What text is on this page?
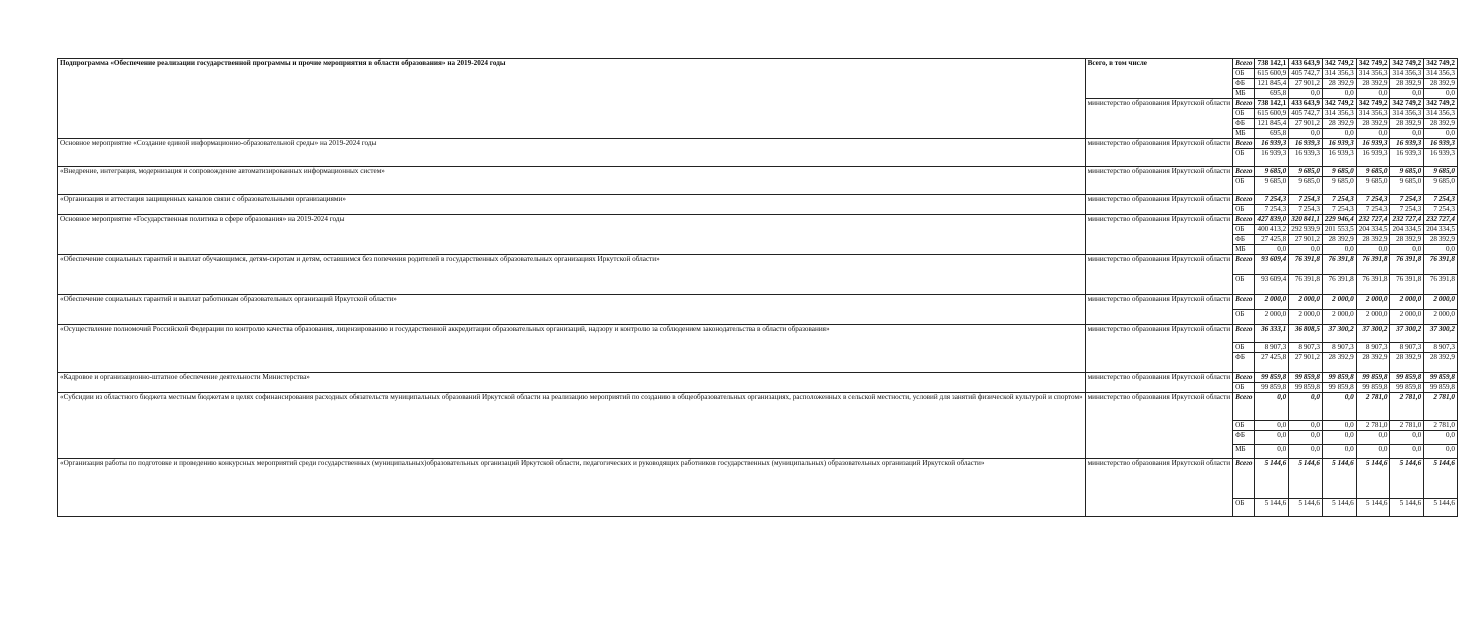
Подпрограмма «Обеспечение реализации государственной программы и прочие мероприятия в области образования» на 2019-2024 годы	Всего, в том числе	Всего	738 142,1	433 643,9	342 749,2	342 749,2	342 749,2	342 749,2
		ОБ	615 600,9	405 742,7	314 356,3	314 356,3	314 356,3	314 356,3
		ФБ	121 845,4	27 901,2	28 392,9	28 392,9	28 392,9	28 392,9
		МБ	695,8	0,0	0,0	0,0	0,0	0,0
	министерство образования Иркутской области	Всего	738 142,1	433 643,9	342 749,2	342 749,2	342 749,2	342 749,2
		ОБ	615 600,9	405 742,7	314 356,3	314 356,3	314 356,3	314 356,3
		ФБ	121 845,4	27 901,2	28 392,9	28 392,9	28 392,9	28 392,9
		МБ	695,8	0,0	0,0	0,0	0,0	0,0
Основное мероприятие «Создание единой информационно-образовательной среды» на 2019-2024 годы	министерство образования Иркутской области	Всего	16 939,3	16 939,3	16 939,3	16 939,3	16 939,3	16 939,3
		ОБ	16 939,3	16 939,3	16 939,3	16 939,3	16 939,3	16 939,3
«Внедрение, интеграция, модернизация и сопровождение автоматизированных информационных систем»	министерство образования Иркутской области	Всего	9 685,0	9 685,0	9 685,0	9 685,0	9 685,0	9 685,0
		ОБ	9 685,0	9 685,0	9 685,0	9 685,0	9 685,0	9 685,0
«Организация и аттестация защищенных каналов связи с образовательными организациями»	министерство образования Иркутской области	Всего	7 254,3	7 254,3	7 254,3	7 254,3	7 254,3	7 254,3
		ОБ	7 254,3	7 254,3	7 254,3	7 254,3	7 254,3	7 254,3
Основное мероприятие «Государственная политика в сфере образования» на 2019-2024 годы	министерство образования Иркутской области	Всего	427 839,0	320 841,1	229 946,4	232 727,4	232 727,4	232 727,4
		ОБ	400 413,2	292 939,9	201 553,5	204 334,5	204 334,5	204 334,5
		ФБ	27 425,8	27 901,2	28 392,9	28 392,9	28 392,9	28 392,9
		МБ	0,0	0,0	0,0	0,0	0,0	0,0
«Обеспечение социальных гарантий и выплат обучающимся, детям-сиротам и детям, оставшимся без попечения родителей в государственных образовательных организациях Иркутской области»	министерство образования Иркутской области	Всего	93 609,4	76 391,8	76 391,8	76 391,8	76 391,8	76 391,8
		ОБ	93 609,4	76 391,8	76 391,8	76 391,8	76 391,8	76 391,8
«Обеспечение социальных гарантий и выплат работникам образовательных организаций Иркутской области»	министерство образования Иркутской области	Всего	2 000,0	2 000,0	2 000,0	2 000,0	2 000,0	2 000,0
		ОБ	2 000,0	2 000,0	2 000,0	2 000,0	2 000,0	2 000,0
«Осуществление полномочий Российской Федерации по контролю качества образования, лицензированию и государственной аккредитации образовательных организаций, надзору и контролю за соблюдением законодательства в области образования»	министерство образования Иркутской области	Всего	36 333,1	36 808,5	37 300,2	37 300,2	37 300,2	37 300,2
		ОБ	8 907,3	8 907,3	8 907,3	8 907,3	8 907,3	8 907,3
		ФБ	27 425,8	27 901,2	28 392,9	28 392,9	28 392,9	28 392,9
«Кадровое и организационно-штатное обеспечение деятельности Министерства»	министерство образования Иркутской области	Всего	99 859,8	99 859,8	99 859,8	99 859,8	99 859,8	99 859,8
		ОБ	99 859,8	99 859,8	99 859,8	99 859,8	99 859,8	99 859,8
«Субсидии из областного бюджета местным бюджетам в целях софинансирования расходных обязательств муниципальных образований Иркутской области на реализацию мероприятий по созданию в общеобразовательных организациях, расположенных в сельской местности, условий для занятий физической культурой и спортом»	министерство образования Иркутской области	Всего	0,0	0,0	0,0	2 781,0	2 781,0	2 781,0
		ОБ	0,0	0,0	0,0	2 781,0	2 781,0	2 781,0
		ФБ	0,0	0,0	0,0	0,0	0,0	0,0
		МБ	0,0	0,0	0,0	0,0	0,0	0,0
«Организация работы по подготовке и проведению конкурсных мероприятий среди государственных (муниципальных)образовательных организаций Иркутской области, педагогических и руководящих работников государственных (муниципальных) образовательных организаций Иркутской области»	министерство образования Иркутской области	Всего	5 144,6	5 144,6	5 144,6	5 144,6	5 144,6	5 144,6
		ОБ	5 144,6	5 144,6	5 144,6	5 144,6	5 144,6	5 144,6
